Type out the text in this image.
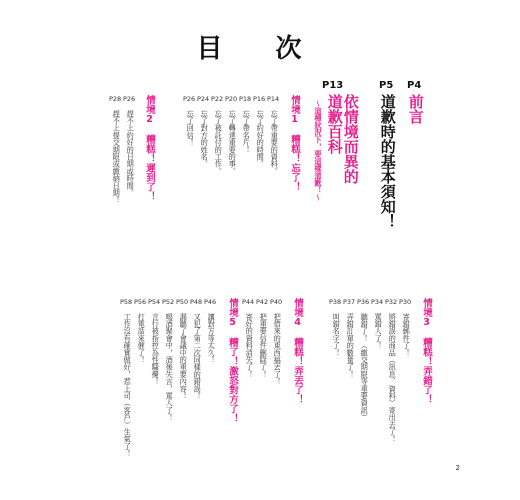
目 次
P4
前言
P5
道歉時的基本須知！
P13
依情境而異的
道歉百科
～這種狀況下，要這樣道歉！～
情境1　糟糕！忘了！
P14
忘了帶重要的資料。
P16
忘了約好的時間。
P18
忘了帶名片！
P20
忘了轉達重要的事。
P22
忘了被託付的工作。
P24
忘了對方的姓名。
P26
忘了回信！
情境2　糟糕！遲到了！
P26
趕不上約好的日期或時間。
P28
趕不上提交期限或繳納日期！
情境3　糟糕！弄錯了！
P30
寄錯郵件了！
P32
將錯誤的商品（訊息、資料）寄出去了！
P34
罵錯人了！
P36
聽錯了！（繳交期限等重要資訊）
P37
弄錯訂單的數量了！
P38
叫錯名字了！
情境4　糟糕！弄丟了！
P40
把借來的東西搞丟了！
P42
把重要信件刪除了！
P44
寄好的資料消失了！
情境5　糟了！激怒對方了！
P46
讓對方等太久！
P48
又犯了第二次同樣的錯誤！
P50
漏聽了會議中的重要內容！
P52
喝酒聚會中，酒後失言，罵人了！
P54
言行被指控為性騷擾！
P56
打電話來催了！
P58
工作沒有確實做好，惹上司（客戶）生氣了！
2
